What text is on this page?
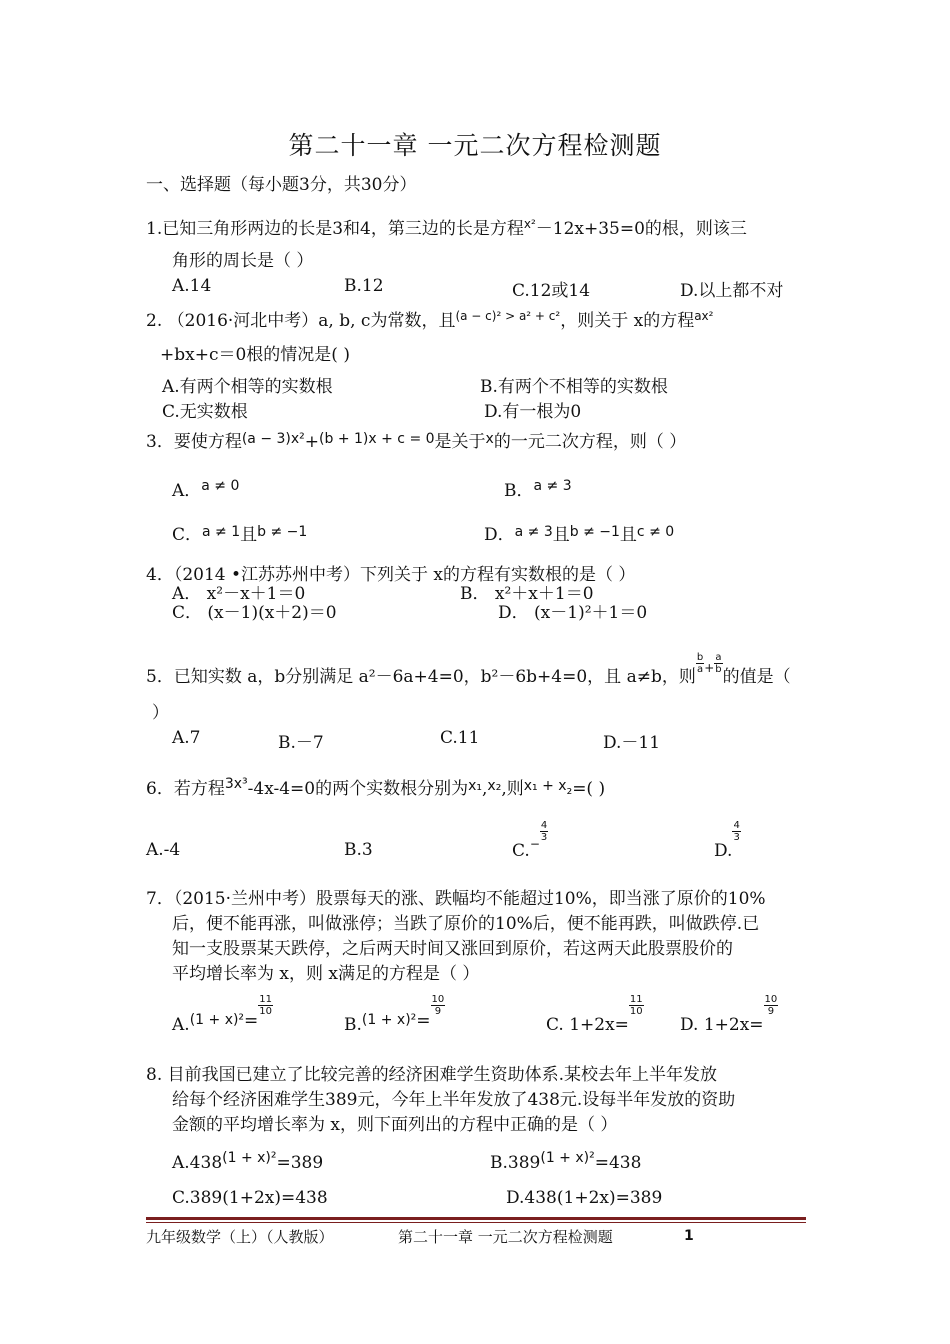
第二十一章 一元二次方程检测题
一、选择题（每小题3分，共30分）
1.已知三角形两边的长是3和4，第三边的长是方程$^{x^2}$－12x+35=0的根，则该三
角形的周长是（ ）
A.14	B.12	C.12或14	D.以上都不对
2. （2016·河北中考）a, b, c为常数，且$^{(a - c)^2 > a^2 + c^2}$，则关于 x的方程$^{ax^2}$
+bx+c＝0根的情况是( )
A.有两个相等的实数根	B.有两个不相等的实数根
C.无实数根	D.有一根为0
3．要使方程$^{(a - 3)x^2}$+$^{(b + 1)x + c = 0}$是关于$^x$的一元二次方程，则（ ）
A．$^{a \ne 0}$	B．$^{a \ne 3}$
C．$^{a \ne 1}$且$^{b \ne -1}$	D．$^{a \ne 3}$且$^{b \ne -1}$且$^{c \ne 0}$
4．（2014 •江苏苏州中考）下列关于 x的方程有实数根的是（ ）
A． x²－x＋1＝0	B． x²＋x＋1＝0
C． (x－1)(x＋2)＝0	D． (x－1)²＋1＝0
5．已知实数 a，b分别满足 a²－6a+4=0，b²－6b+4=0，且 a≠b，则
$\frac{b}{a} ^+ \frac{a}{b}$
的值是（
）
A.7	B.－7	C.11	D.－11
6．若方程$^{3x^3}$-4x-4=0的两个实数根分别为$^{x_1}$,$^{x_2}$,则$^{x_1 + x}$₂=( )
A.-4	B.3	$C._-$
$\frac{4}{3}$
D.
$\frac{4}{3}$
7．（2015·兰州中考）股票每天的涨、跌幅均不能超过10%，即当涨了原价的10%
后，便不能再涨，叫做涨停；当跌了原价的10%后，便不能再跌，叫做跌停.已
知一支股票某天跌停，之后两天时间又涨回到原价，若这两天此股票股价的
平均增长率为 x，则 x满足的方程是（ ）
$A._{(1 + x)^2}=$
$\frac{11}{10}$
$B._{(1 + x)^2}=$
$\frac{10}{9}$
C. 1+2x=
$\frac{11}{10}$
D. 1+2x=
$\frac{10}{9}$
8. 目前我国已建立了比较完善的经济困难学生资助体系.某校去年上半年发放
给每个经济困难学生389元，今年上半年发放了438元.设每半年发放的资助
金额的平均增长率为 x，则下面列出的方程中正确的是（ ）
$A.438^{(1 + x)^2}=389$	$B.389^{(1 + x)^2}=438$
C.389(1+2x)=438	D.438(1+2x)=389
九年级数学（上）（人教版）	第二十一章 一元二次方程检测题	1
